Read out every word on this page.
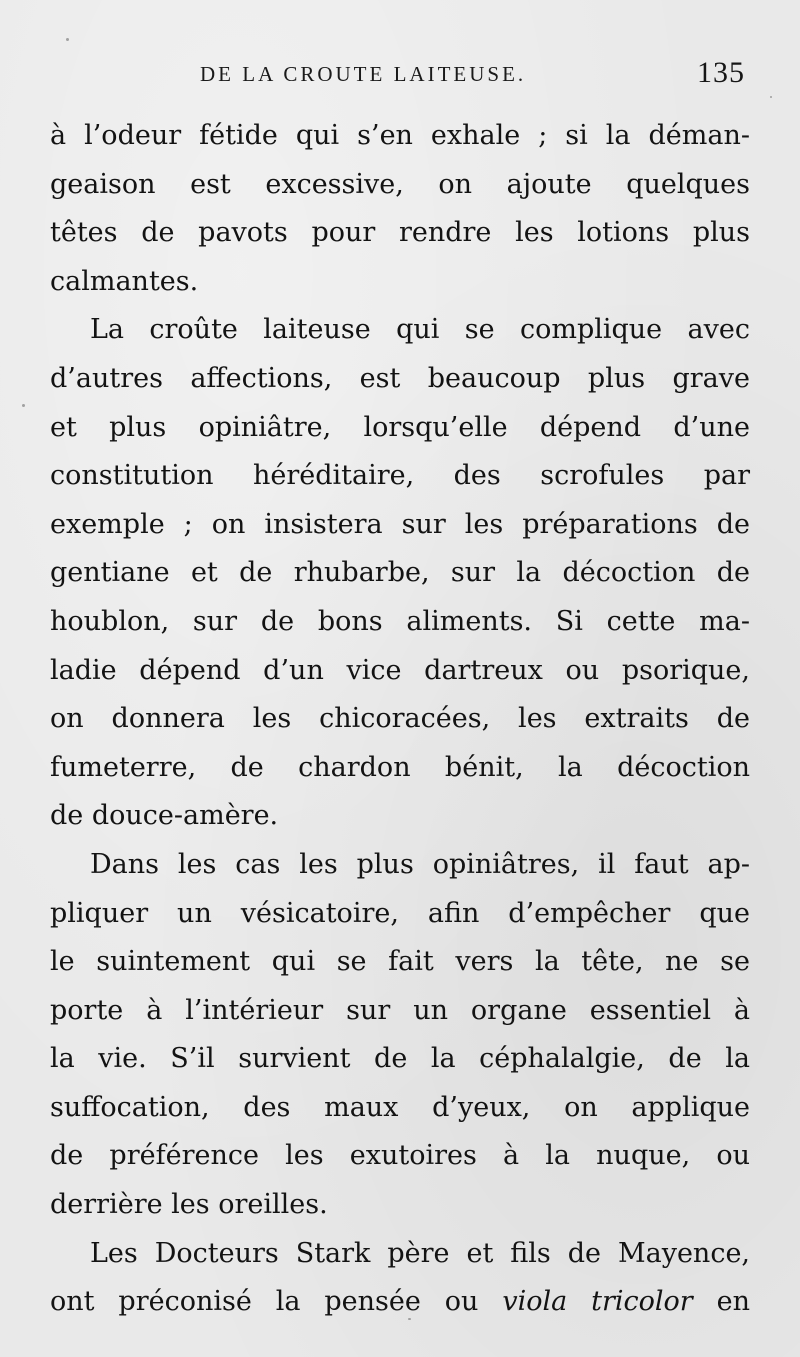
DE LA CROUTE LAITEUSE.	135
à l’odeur fétide qui s’en exhale ; si la déman-
geaison est excessive, on ajoute quelques
têtes de pavots pour rendre les lotions plus
calmantes.
La croûte laiteuse qui se complique avec
d’autres affections, est beaucoup plus grave
et plus opiniâtre, lorsqu’elle dépend d’une
constitution héréditaire, des scrofules par
exemple ; on insistera sur les préparations de
gentiane et de rhubarbe, sur la décoction de
houblon, sur de bons aliments. Si cette ma-
ladie dépend d’un vice dartreux ou psorique,
on donnera les chicoracées, les extraits de
fumeterre, de chardon bénit, la décoction
de douce-amère.
Dans les cas les plus opiniâtres, il faut ap-
pliquer un vésicatoire, afin d’empêcher que
le suintement qui se fait vers la tête, ne se
porte à l’intérieur sur un organe essentiel à
la vie. S’il survient de la céphalalgie, de la
suffocation, des maux d’yeux, on applique
de préférence les exutoires à la nuque, ou
derrière les oreilles.
Les Docteurs Stark père et fils de Mayence,
ont préconisé la pensée ou viola tricolor en
